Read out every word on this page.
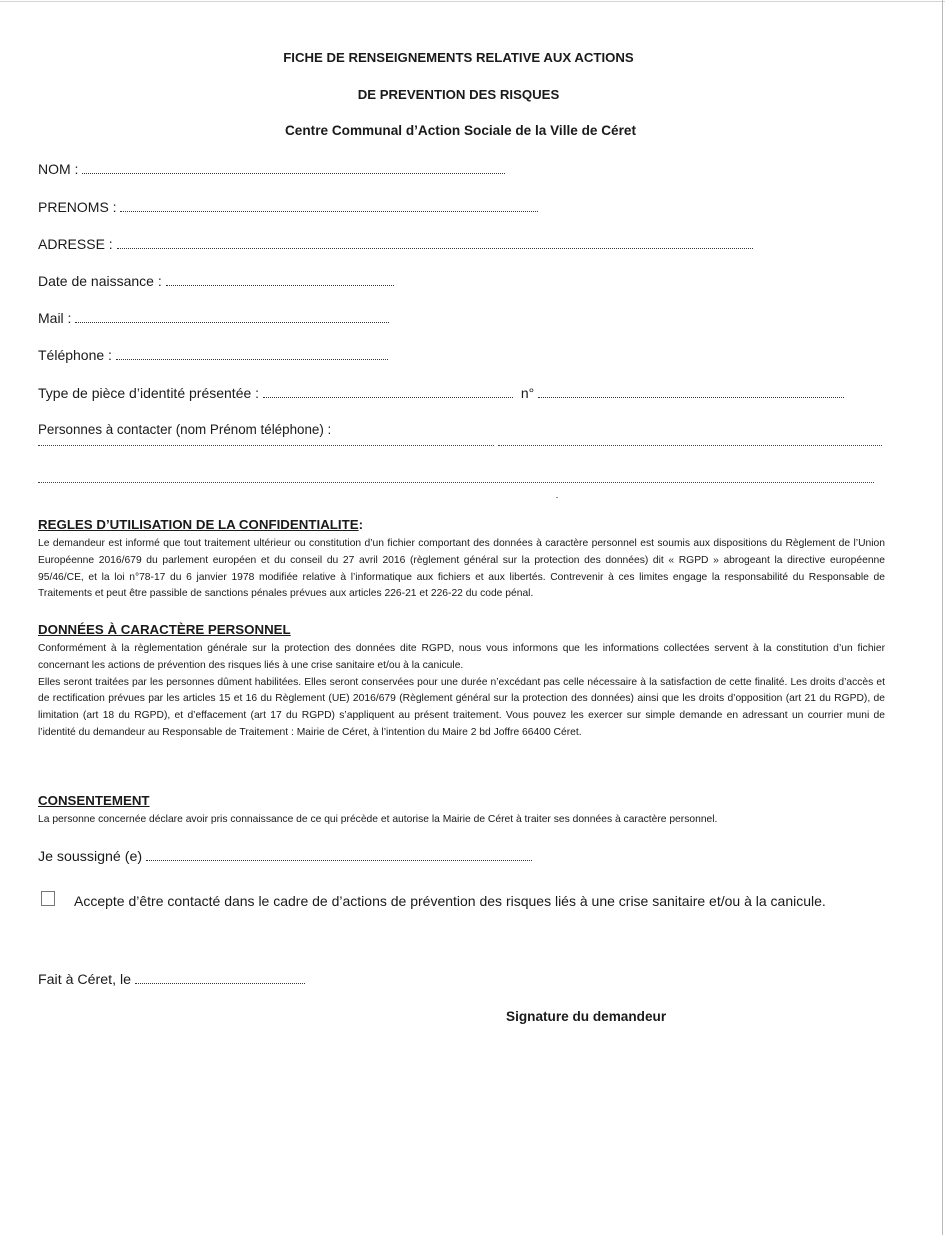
FICHE DE RENSEIGNEMENTS RELATIVE AUX ACTIONS
DE PREVENTION DES RISQUES
Centre Communal d’Action Sociale de la Ville de Céret
NOM :
PRENOMS :
ADRESSE :
Date de naissance :
Mail :
Téléphone :
Type de pièce d’identité présentée :	n°
Personnes à contacter (nom Prénom téléphone) :
REGLES D’UTILISATION DE LA CONFIDENTIALITE:
Le demandeur est informé que tout traitement ultérieur ou constitution d’un fichier comportant des données à caractère personnel est soumis aux dispositions du Règlement de l’Union Européenne 2016/679 du parlement européen et du conseil du 27 avril 2016 (règlement général sur la protection des données) dit « RGPD » abrogeant la directive européenne 95/46/CE, et la loi n°78-17 du 6 janvier 1978 modifiée relative à l’informatique aux fichiers et aux libertés. Contrevenir à ces limites engage la responsabilité du Responsable de Traitements et peut être passible de sanctions pénales prévues aux articles 226-21 et 226-22 du code pénal.
DONNÉES À CARACTÈRE PERSONNEL

Conformément à la règlementation générale sur la protection des données dite RGPD, nous vous informons que les informations collectées servent à la constitution d’un fichier concernant les actions de prévention des risques liés à une crise sanitaire et/ou à la canicule.

Elles seront traitées par les personnes dûment habilitées. Elles seront conservées pour une durée n’excédant pas celle nécessaire à la satisfaction de cette finalité. Les droits d’accès et de rectification prévues par les articles 15 et 16 du Règlement (UE) 2016/679 (Règlement général sur la protection des données) ainsi que les droits d’opposition (art 21 du RGPD), de limitation (art 18 du RGPD), et d’effacement (art 17 du RGPD) s’appliquent au présent traitement. Vous pouvez les exercer sur simple demande en adressant un courrier muni de l’identité du demandeur au Responsable de Traitement : Mairie de Céret, à l’intention du Maire 2 bd Joffre 66400 Céret.

CONSENTEMENT
La personne concernée déclare avoir pris connaissance de ce qui précède et autorise la Mairie de Céret à traiter ses données à caractère personnel.
Je soussigné (e)
Accepte d’être contacté dans le cadre de d’actions de prévention des risques liés à une crise sanitaire et/ou à la canicule.
Fait à Céret, le
Signature du demandeur
